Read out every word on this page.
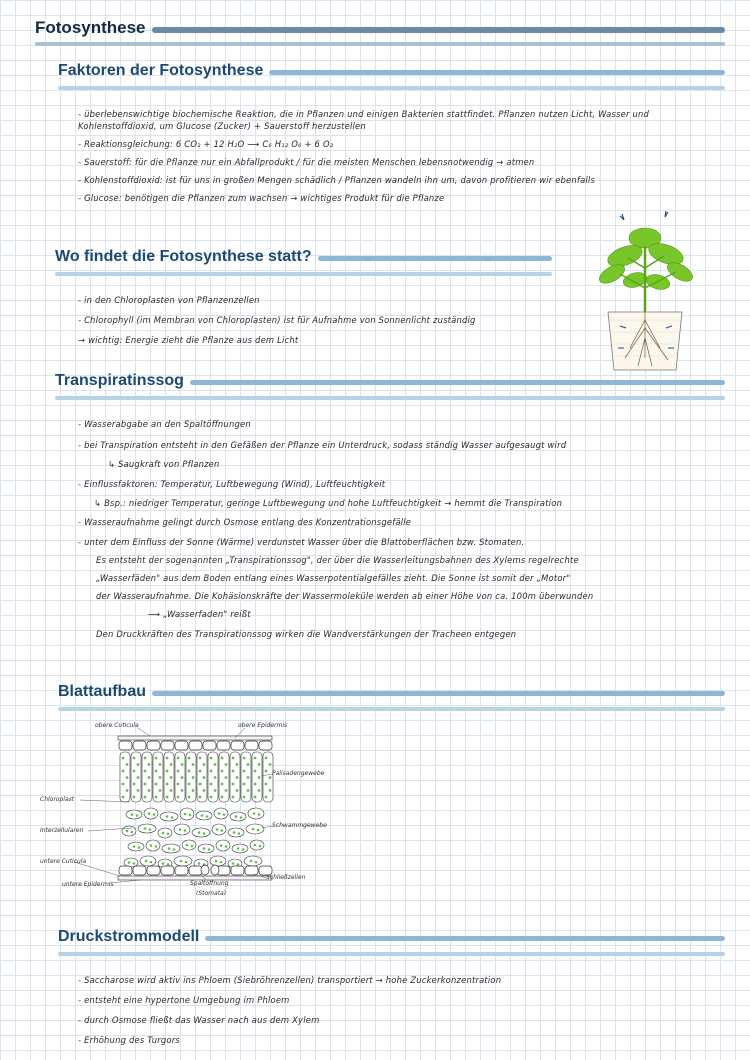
Fotosynthese
Faktoren der Fotosynthese
- überlebenswichtige biochemische Reaktion, die in Pflanzen und einigen Bakterien stattfindet. Pflanzen nutzen Licht, Wasser und
Kohlenstoffdioxid, um Glucose (Zucker) + Sauerstoff herzustellen
- Reaktionsgleichung: 6 CO₂ + 12 H₂O ⟶ C₆ H₁₂ O₆ + 6 O₂
- Sauerstoff: für die Pflanze nur ein Abfallprodukt / für die meisten Menschen lebensnotwendig → atmen
- Kohlenstoffdioxid: ist für uns in großen Mengen schädlich / Pflanzen wandeln ihn um, davon profitieren wir ebenfalls
- Glucose: benötigen die Pflanzen zum wachsen → wichtiges Produkt für die Pflanze
Wo findet die Fotosynthese statt?
- in den Chloroplasten von Pflanzenzellen
- Chlorophyll (im Membran von Chloroplasten) ist für Aufnahme von Sonnenlicht zuständig
→ wichtig: Energie zieht die Pflanze aus dem Licht
Transpiratinssog
- Wasserabgabe an den Spaltöffnungen
- bei Transpiration entsteht in den Gefäßen der Pflanze ein Unterdruck, sodass ständig Wasser aufgesaugt wird
↳ Saugkraft von Pflanzen
- Einflussfaktoren: Temperatur, Luftbewegung (Wind), Luftfeuchtigkeit
↳ Bsp.: niedriger Temperatur, geringe Luftbewegung und hohe Luftfeuchtigkeit → hemmt die Transpiration
- Wasseraufnahme gelingt durch Osmose entlang des Konzentrationsgefälle
- unter dem Einfluss der Sonne (Wärme) verdunstet Wasser über die Blattoberflächen bzw. Stomaten.
Es entsteht der sogenannten „Transpirationssog", der über die Wasserleitungsbahnen des Xylems regelrechte
„Wasserfäden" aus dem Boden entlang eines Wasserpotentialgefälles zieht. Die Sonne ist somit der „Motor"
der Wasseraufnahme. Die Kohäsionskräfte der Wassermoleküle werden ab einer Höhe von ca. 100m überwunden
⟶ „Wasserfaden" reißt
Den Druckkräften des Transpirationssog wirken die Wandverstärkungen der Tracheen entgegen
Blattaufbau
obere Cuticula	obere Epidermis
Palisadengewebe
Chloroplast
Interzellularen
Schwammgewebe
untere Cuticula
untere Epidermis	Spaltöffnung
(Stomata)
Schließzellen
Druckstrommodell
- Saccharose wird aktiv ins Phloem (Siebröhrenzellen) transportiert → hohe Zuckerkonzentration
- entsteht eine hypertone Umgebung im Phloem
- durch Osmose fließt das Wasser nach aus dem Xylem
- Erhöhung des Turgors
